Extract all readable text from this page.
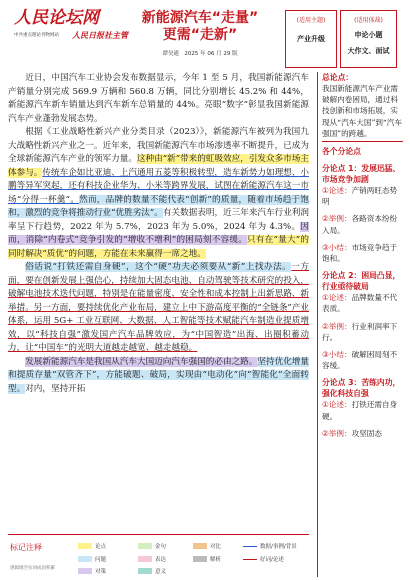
人民论坛网
中共重点理论刊物网站 人民日报社主管
新能源汽车“走量”
更需“走新”
谭昊通　2025 年 06 月 29 版
(适用主题)
产业升级
(适用体裁)
申论小题
大作文、面试

近日，中国汽车工业协会发布数据显示，今年 1 至 5 月，我国新能源汽车产销量分别完成 569.9 万辆和 560.8 万辆，同比分别增长 45.2% 和 44%，新能源汽车新车销量达到汽车新车总销量的 44%。亮眼“数字”彰显我国新能源汽车产业蓬勃发展态势。

根据《工业战略性新兴产业分类目录（2023）》，新能源汽车被列为我国九大战略性新兴产业之一。近年来，我国新能源汽车市场渗透率不断提升，已成为全球新能源汽车产业的领军力量。这种由“新”带来的虹吸效应，引发众多市场主体参与。传统车企如比亚迪、上汽通用五菱等积极转型，造车新势力如理想、小鹏等异军突起，还有科技企业华为、小米等跨界发展，试图在新能源汽车这一市场“分得一杯羹”。然而，品牌的数量不能代表“创新”的质量，随着市场趋于饱和，激烈的竞争将推动行业“优胜劣汰”。有关数据表明，近三年来汽车行业利润率呈下行趋势，2022 年为 5.7%，2023 年为 5.0%，2024 年为 4.3%。因而，消除“内卷式”竞争引发的“增收不增利”的困局刻不容缓。只有在“量大”的同时解决“质优”的问题，方能在未来赢得一席之地。

俗话说“打铁还需自身硬”，这个“硬”功夫必须要从“新”上找办法。一方面，要在创新发展上强信心，持续加大固态电池、自动驾驶等技术研究的投入，破解电池技术迭代问题，特别是在能量密度、安全性和成本控制上出新思路、新举措。另一方面，要持续优化产业布局，建立上中下游高度平衡的“全链条”产业体系，运用 5G+ 工业互联网、大数据、人工智能等技术赋能汽车制造业提质增效，以“科技自强”激发国产汽车品牌效应，为“中国智造”出海、出圈积蓄动力，让“中国车”的光明大道越走越宽、越走越稳。

发展新能源汽车是我国从汽车大国迈向汽车强国的必由之路。坚持优化增量和提质存量“双管齐下”，方能破题、破局，实现由“电动化”向“智能化”全面转型。对内，坚持开拓

总论点：
我国新能源汽车产业需破解内卷困局，通过科技创新和市场拓展，实现从“汽车大国”到“汽车强国”的跨越。
各个分论点
分论点 1：发展迅猛、市场竞争加剧
①论述：产销两旺态势明
②举例：各路资本纷纷入局。
③小结：市场竞争趋于饱和。
分论点 2：困局凸显，行业亟待破局
①论述：品牌数量不代表质。
②举例：行业利润率下行。
③小结：破解困局刻不容缓。
分论点 3：苦练内功，强化科技自强
①论述：打铁还需自身硬。
②举例：攻坚固态
标记注释
逻辑填空实词成语积累
论点	金句	对比	数据/事例/背景
问题	表达	解析	好词/论述
对策	意义
